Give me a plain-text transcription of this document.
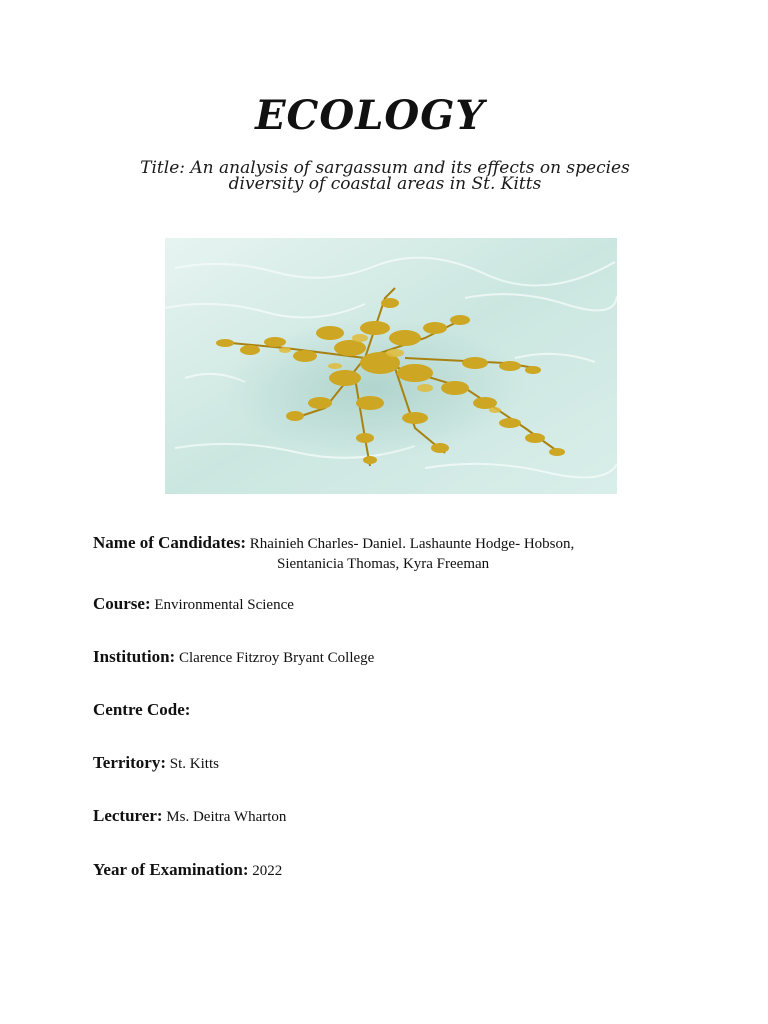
ECOLOGY
Title: An analysis of sargassum and its effects on species diversity of coastal areas in St. Kitts
Name of Candidates: Rhainieh Charles- Daniel. Lashaunte Hodge- Hobson,
Sientanicia Thomas, Kyra Freeman
Course: Environmental Science
Institution: Clarence Fitzroy Bryant College
Centre Code:
Territory: St. Kitts
Lecturer: Ms. Deitra Wharton
Year of Examination: 2022
